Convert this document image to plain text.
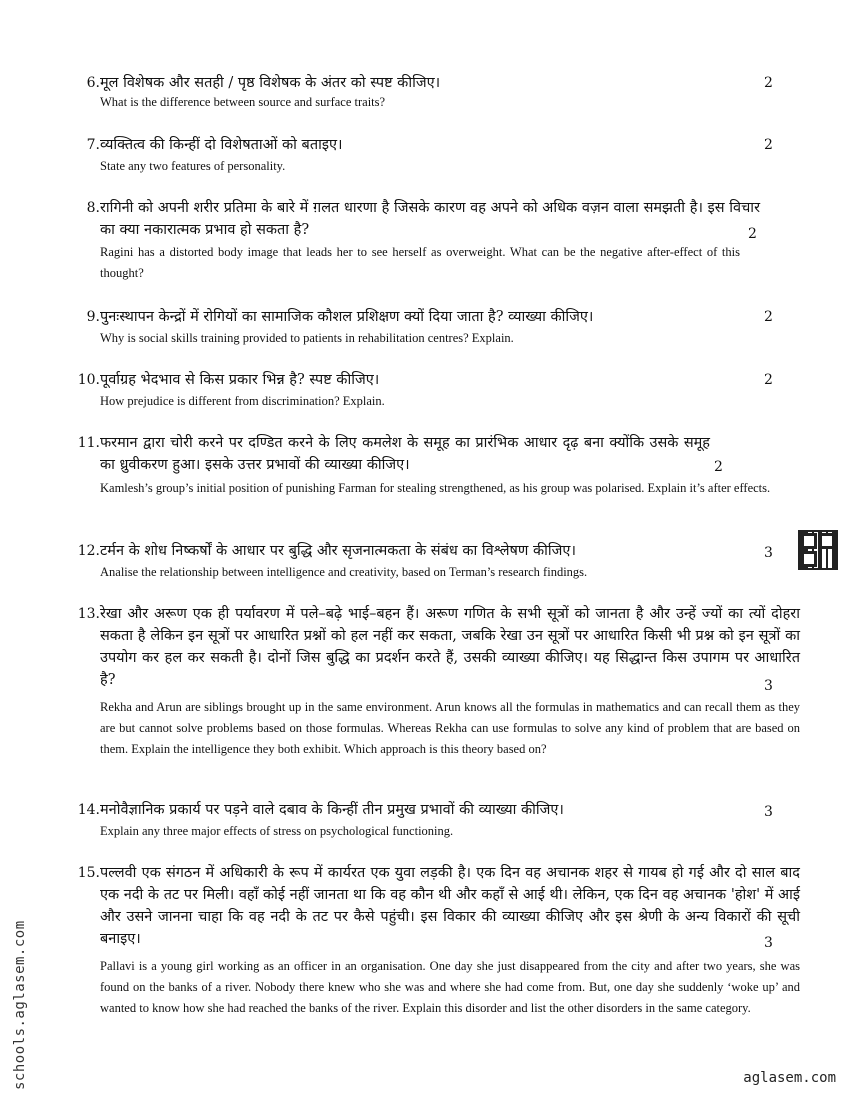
6. मूल विशेषक और सतही / पृष्ठ विशेषक के अंतर को स्पष्ट कीजिए।
What is the difference between source and surface traits?
2
7. व्यक्तित्व की किन्हीं दो विशेषताओं को बताइए।
State any two features of personality.
2
8. रागिनी को अपनी शरीर प्रतिमा के बारे में ग़लत धारणा है जिसके कारण वह अपने को अधिक वज़न वाला समझती है। इस विचार का क्या नकारात्मक प्रभाव हो सकता है?
Ragini has a distorted body image that leads her to see herself as overweight. What can be the negative after-effect of this thought?
2
9. पुनःस्थापन केन्द्रों में रोगियों का सामाजिक कौशल प्रशिक्षण क्यों दिया जाता है? व्याख्या कीजिए।
Why is social skills training provided to patients in rehabilitation centres? Explain.
2
10. पूर्वाग्रह भेदभाव से किस प्रकार भिन्न है? स्पष्ट कीजिए।
How prejudice is different from discrimination? Explain.
2
11. फरमान द्वारा चोरी करने पर दण्डित करने के लिए कमलेश के समूह का प्रारंभिक आधार दृढ़ बना क्योंकि उसके समूह का ध्रुवीकरण हुआ। इसके उत्तर प्रभावों की व्याख्या कीजिए।
Kamlesh’s group’s initial position of punishing Farman for stealing strengthened, as his group was polarised. Explain it’s after effects.
2
12. टर्मन के शोध निष्कर्षों के आधार पर बुद्धि और सृजनात्मकता के संबंध का विश्लेषण कीजिए।
Analise the relationship between intelligence and creativity, based on Terman’s research findings.
3
13. रेखा और अरूण एक ही पर्यावरण में पले–बढ़े भाई–बहन हैं। अरूण गणित के सभी सूत्रों को जानता है और उन्हें ज्यों का त्यों दोहरा सकता है लेकिन इन सूत्रों पर आधारित प्रश्नों को हल नहीं कर सकता, जबकि रेखा उन सूत्रों पर आधारित किसी भी प्रश्न को इन सूत्रों का उपयोग कर हल कर सकती है। दोनों जिस बुद्धि का प्रदर्शन करते हैं, उसकी व्याख्या कीजिए। यह सिद्धान्त किस उपागम पर आधारित है?
Rekha and Arun are siblings brought up in the same environment. Arun knows all the formulas in mathematics and can recall them as they are but cannot solve problems based on those formulas. Whereas Rekha can use formulas to solve any kind of problem that are based on them. Explain the intelligence they both exhibit. Which approach is this theory based on?
3
14. मनोवैज्ञानिक प्रकार्य पर पड़ने वाले दबाव के किन्हीं तीन प्रमुख प्रभावों की व्याख्या कीजिए।
Explain any three major effects of stress on psychological functioning.
3
15. पल्लवी एक संगठन में अधिकारी के रूप में कार्यरत एक युवा लड़की है। एक दिन वह अचानक शहर से गायब हो गई और दो साल बाद एक नदी के तट पर मिली। वहाँ कोई नहीं जानता था कि वह कौन थी और कहाँ से आई थी। लेकिन, एक दिन वह अचानक 'होश' में आई और उसने जानना चाहा कि वह नदी के तट पर कैसे पहुंची। इस विकार की व्याख्या कीजिए और इस श्रेणी के अन्य विकारों की सूची बनाइए।
Pallavi is a young girl working as an officer in an organisation. One day she just disappeared from the city and after two years, she was found on the banks of a river. Nobody there knew who she was and where she had come from. But, one day she suddenly ‘woke up’ and wanted to know how she had reached the banks of the river. Explain this disorder and list the other disorders in the same category.
3
schools.aglasem.com	aglasem.com
